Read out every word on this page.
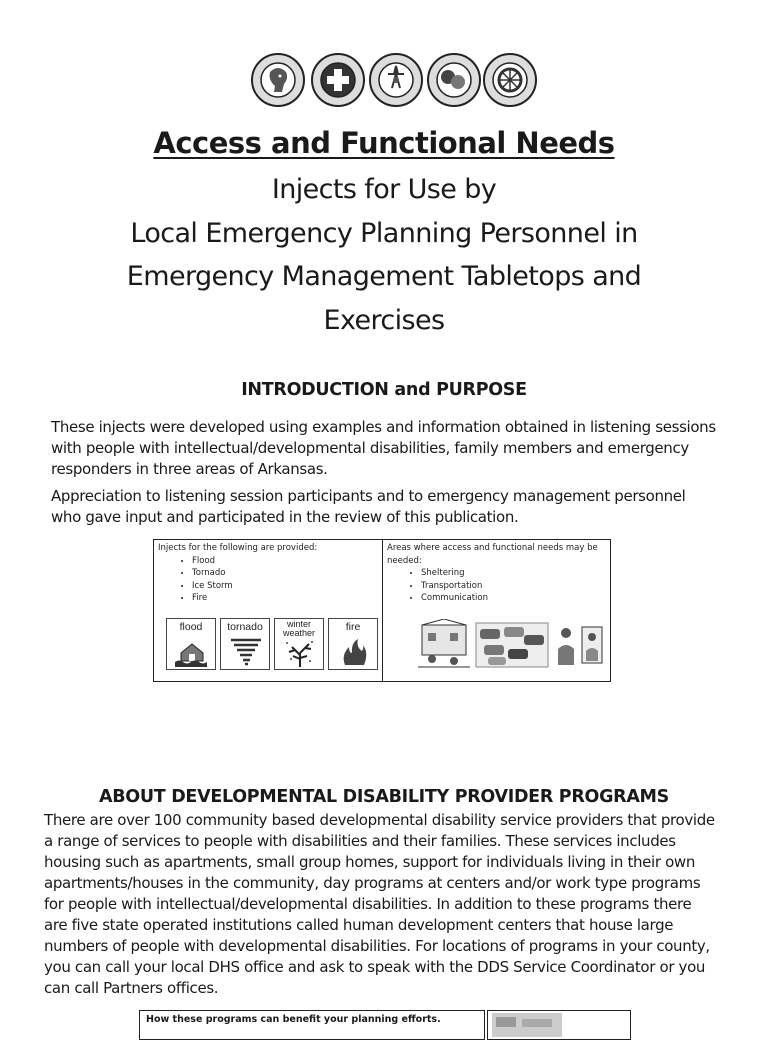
Access and Functional Needs
Injects for Use by
Local Emergency Planning Personnel in
Emergency Management Tabletops and
Exercises
INTRODUCTION and PURPOSE
These injects were developed using examples and information obtained in listening sessions
with people with intellectual/developmental disabilities, family members and emergency
responders in three areas of Arkansas.
Appreciation to listening session participants and to emergency management personnel
who gave input and participated in the review of this publication.
Injects for the following are provided:
• Flood
• Tornado
• Ice Storm
• Fire
Areas where access and functional needs may be
needed:
• Sheltering
• Transportation
• Communication
flood	tornado	winter weather	fire
ABOUT DEVELOPMENTAL DISABILITY PROVIDER PROGRAMS
There are over 100 community based developmental disability service providers that provide
a range of services to people with disabilities and their families. These services includes
housing such as apartments, small group homes, support for individuals living in their own
apartments/houses in the community, day programs at centers and/or work type programs
for people with intellectual/developmental disabilities. In addition to these programs there
are five state operated institutions called human development centers that house large
numbers of people with developmental disabilities. For locations of programs in your county,
you can call your local DHS office and ask to speak with the DDS Service Coordinator or you
can call Partners offices.
How these programs can benefit your planning efforts.
